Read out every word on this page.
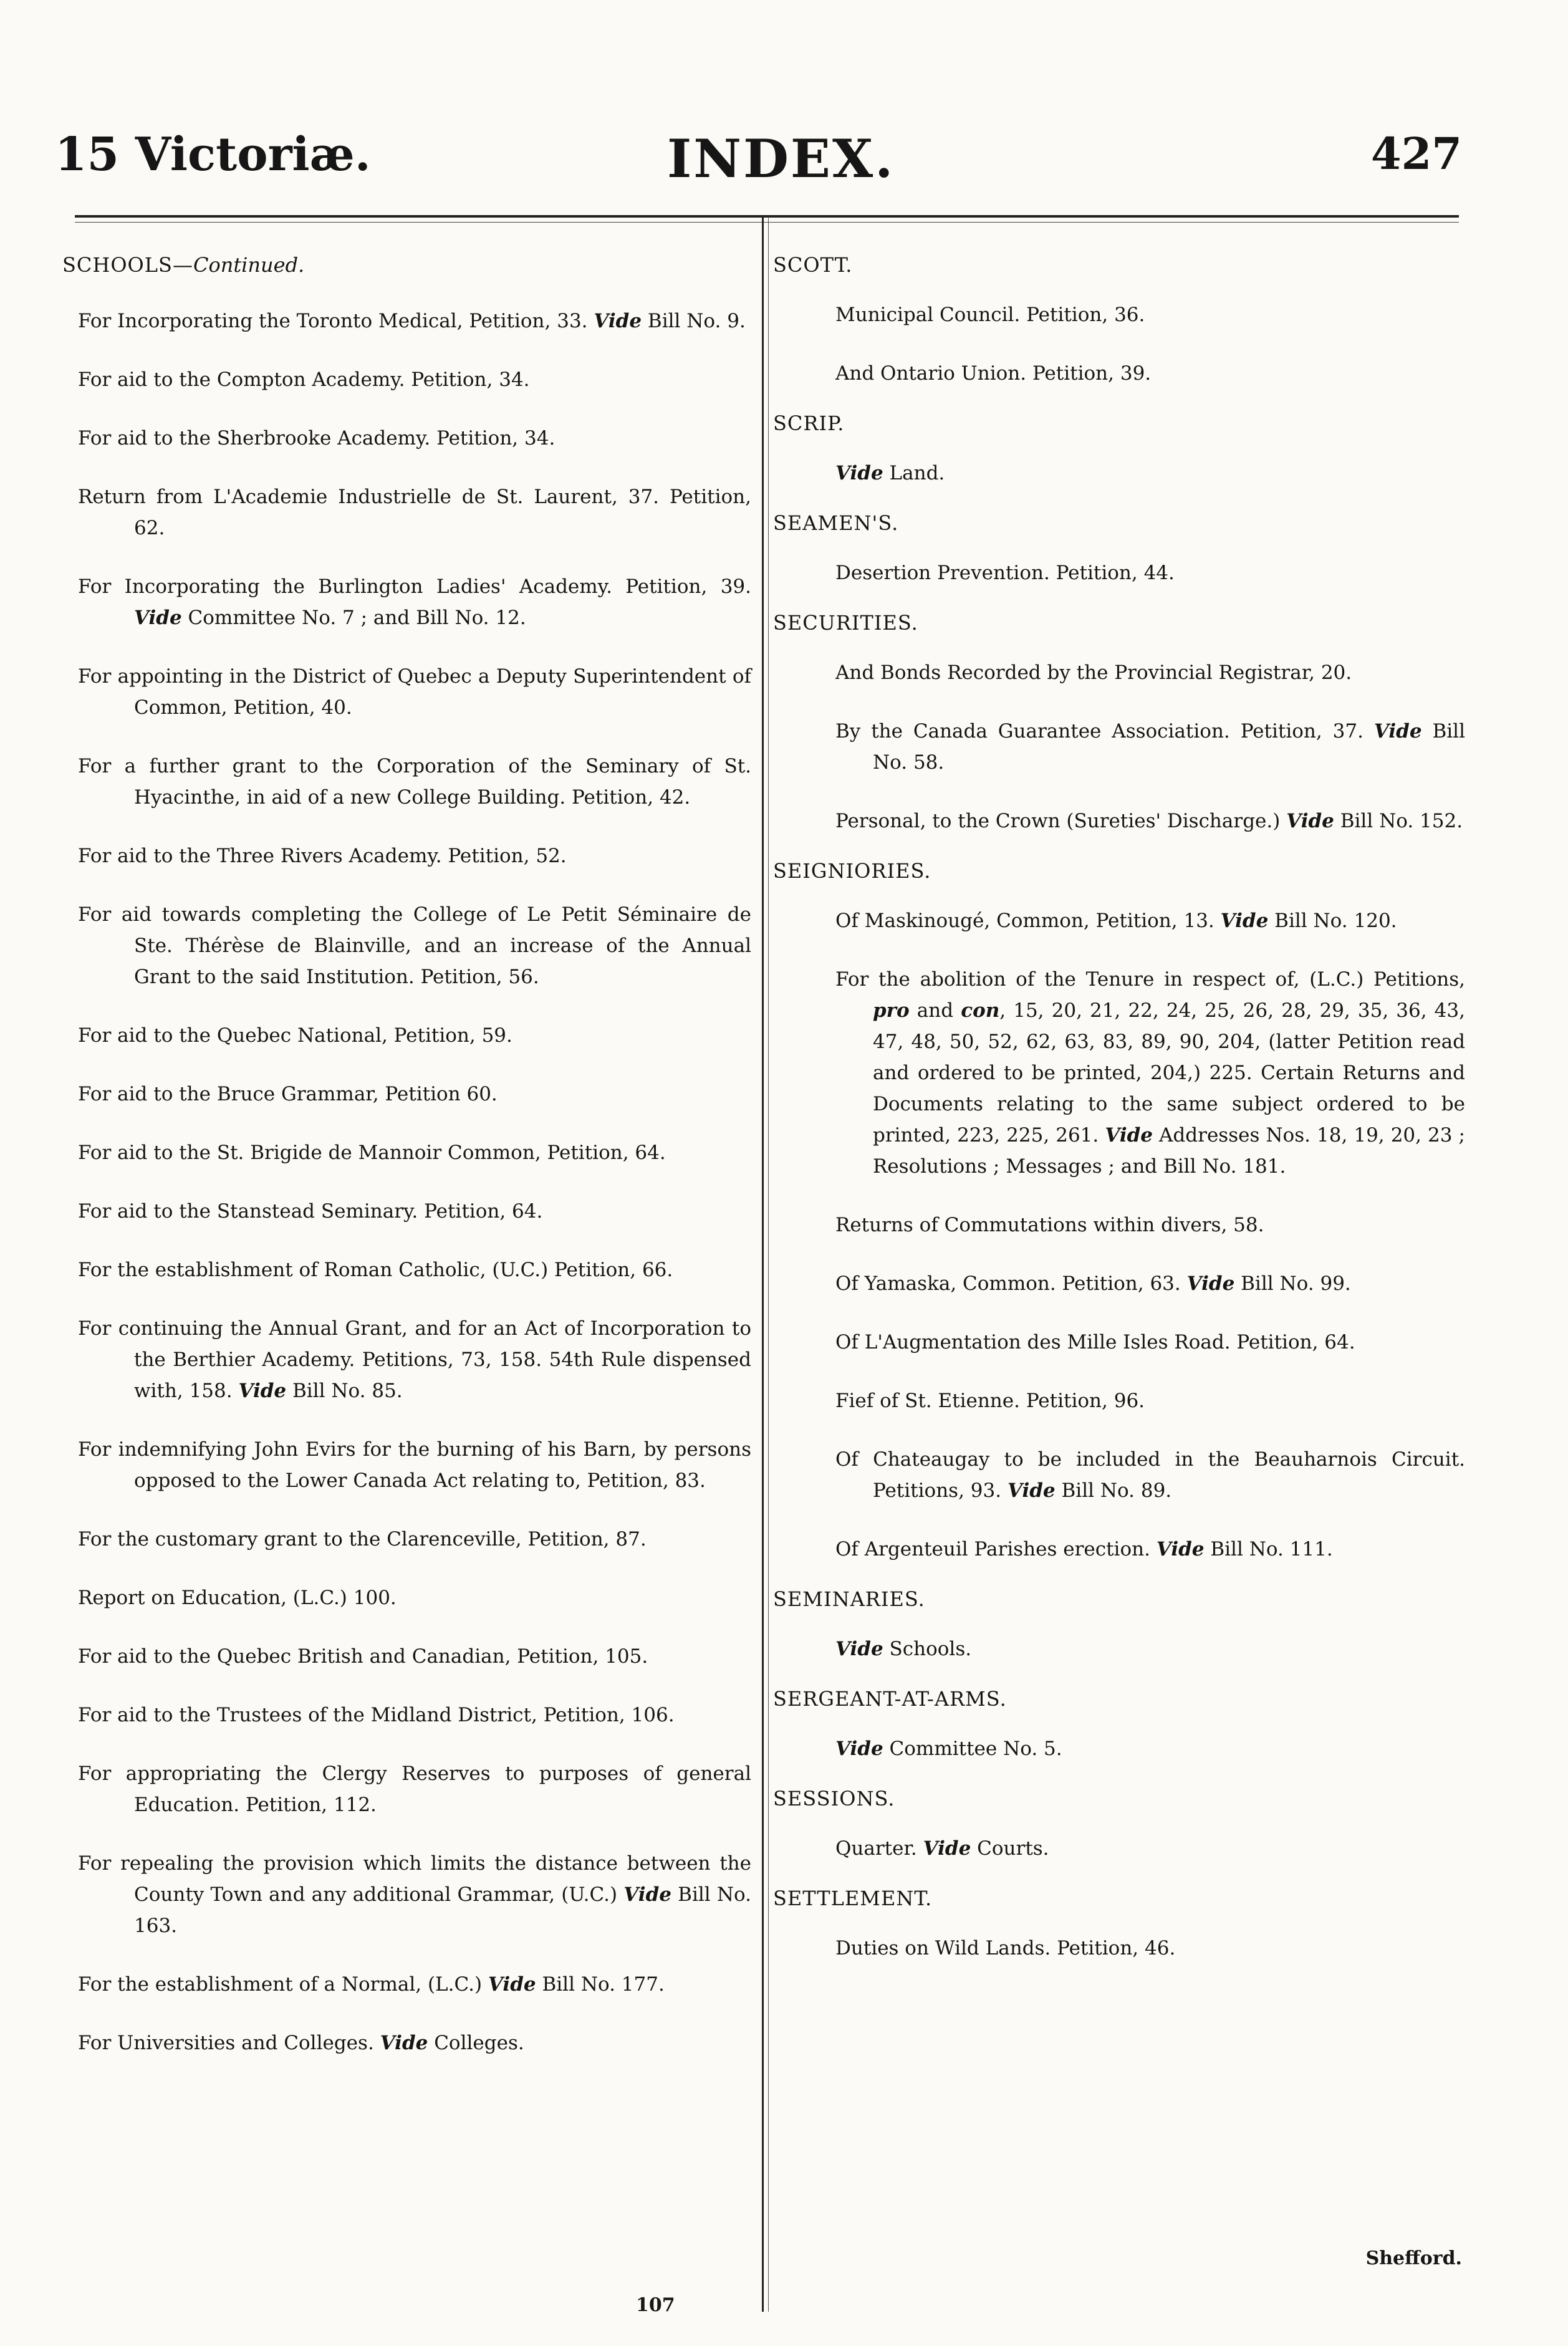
15 Victoriæ.	INDEX.	427
SCHOOLS—Continued.
For Incorporating the Toronto Medical, Petition, 33. Vide Bill No. 9.
For aid to the Compton Academy. Petition, 34.
For aid to the Sherbrooke Academy. Petition, 34.
Return from L'Academie Industrielle de St. Laurent, 37. Petition, 62.
For Incorporating the Burlington Ladies' Academy. Petition, 39. Vide Committee No. 7 ; and Bill No. 12.
For appointing in the District of Quebec a Deputy Superintendent of Common, Petition, 40.
For a further grant to the Corporation of the Seminary of St. Hyacinthe, in aid of a new College Building. Petition, 42.
For aid to the Three Rivers Academy. Petition, 52.
For aid towards completing the College of Le Petit Séminaire de Ste. Thérèse de Blainville, and an increase of the Annual Grant to the said Institution. Petition, 56.
For aid to the Quebec National, Petition, 59.
For aid to the Bruce Grammar, Petition 60.
For aid to the St. Brigide de Mannoir Common, Petition, 64.
For aid to the Stanstead Seminary. Petition, 64.
For the establishment of Roman Catholic, (U.C.) Petition, 66.
For continuing the Annual Grant, and for an Act of Incorporation to the Berthier Academy. Petitions, 73, 158. 54th Rule dispensed with, 158. Vide Bill No. 85.
For indemnifying John Evirs for the burning of his Barn, by persons opposed to the Lower Canada Act relating to, Petition, 83.
For the customary grant to the Clarenceville, Petition, 87.
Report on Education, (L.C.) 100.
For aid to the Quebec British and Canadian, Petition, 105.
For aid to the Trustees of the Midland District, Petition, 106.
For appropriating the Clergy Reserves to purposes of general Education. Petition, 112.
For repealing the provision which limits the distance between the County Town and any additional Grammar, (U.C.) Vide Bill No. 163.
For the establishment of a Normal, (L.C.) Vide Bill No. 177.
For Universities and Colleges. Vide Colleges.
SCOTT.
Municipal Council. Petition, 36.
And Ontario Union. Petition, 39.
SCRIP.
Vide Land.
SEAMEN'S.
Desertion Prevention. Petition, 44.
SECURITIES.
And Bonds Recorded by the Provincial Registrar, 20.
By the Canada Guarantee Association. Petition, 37. Vide Bill No. 58.
Personal, to the Crown (Sureties' Discharge.) Vide Bill No. 152.
SEIGNIORIES.
Of Maskinougé, Common, Petition, 13. Vide Bill No. 120.
For the abolition of the Tenure in respect of, (L.C.) Petitions, pro and con, 15, 20, 21, 22, 24, 25, 26, 28, 29, 35, 36, 43, 47, 48, 50, 52, 62, 63, 83, 89, 90, 204, (latter Petition read and ordered to be printed, 204,) 225. Certain Returns and Documents relating to the same subject ordered to be printed, 223, 225, 261. Vide Addresses Nos. 18, 19, 20, 23 ; Resolutions ; Messages ; and Bill No. 181.
Returns of Commutations within divers, 58.
Of Yamaska, Common. Petition, 63. Vide Bill No. 99.
Of L'Augmentation des Mille Isles Road. Petition, 64.
Fief of St. Etienne. Petition, 96.
Of Chateaugay to be included in the Beauharnois Circuit. Petitions, 93. Vide Bill No. 89.
Of Argenteuil Parishes erection. Vide Bill No. 111.
SEMINARIES.
Vide Schools.
SERGEANT-AT-ARMS.
Vide Committee No. 5.
SESSIONS.
Quarter. Vide Courts.
SETTLEMENT.
Duties on Wild Lands. Petition, 46.
Shefford.
107
